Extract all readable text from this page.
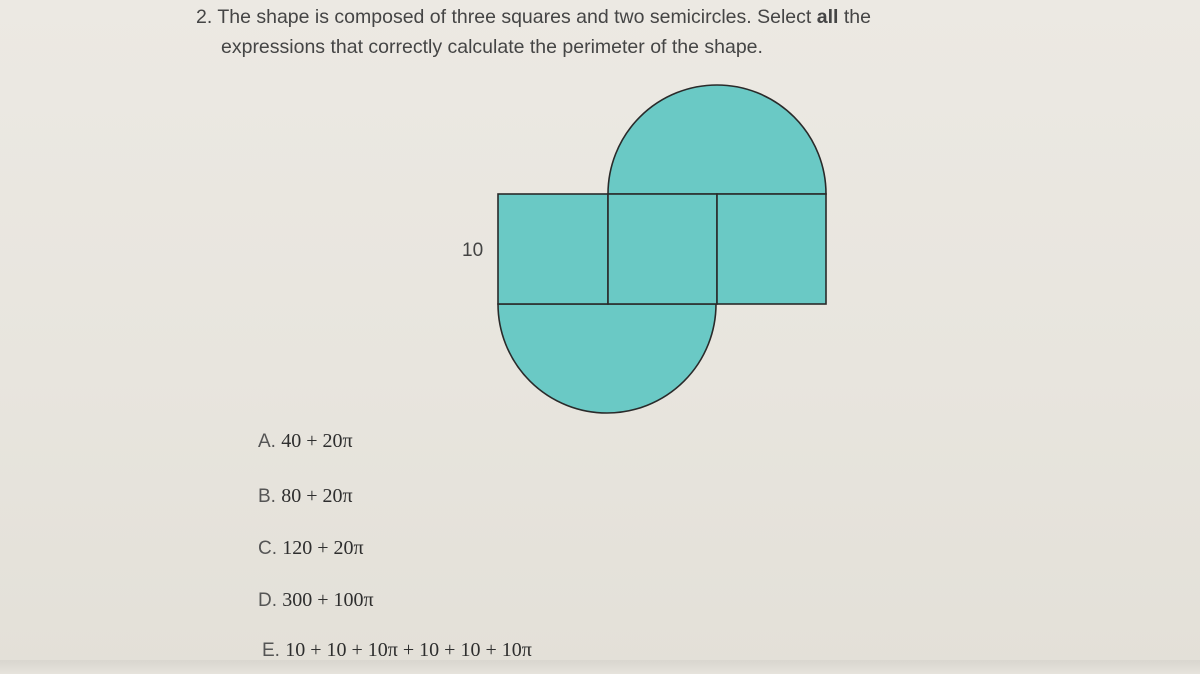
2. The shape is composed of three squares and two semicircles. Select all the
expressions that correctly calculate the perimeter of the shape.
10
A. 40 + 20π
B. 80 + 20π
C. 120 + 20π
D. 300 + 100π
E. 10 + 10 + 10π + 10 + 10 + 10π
